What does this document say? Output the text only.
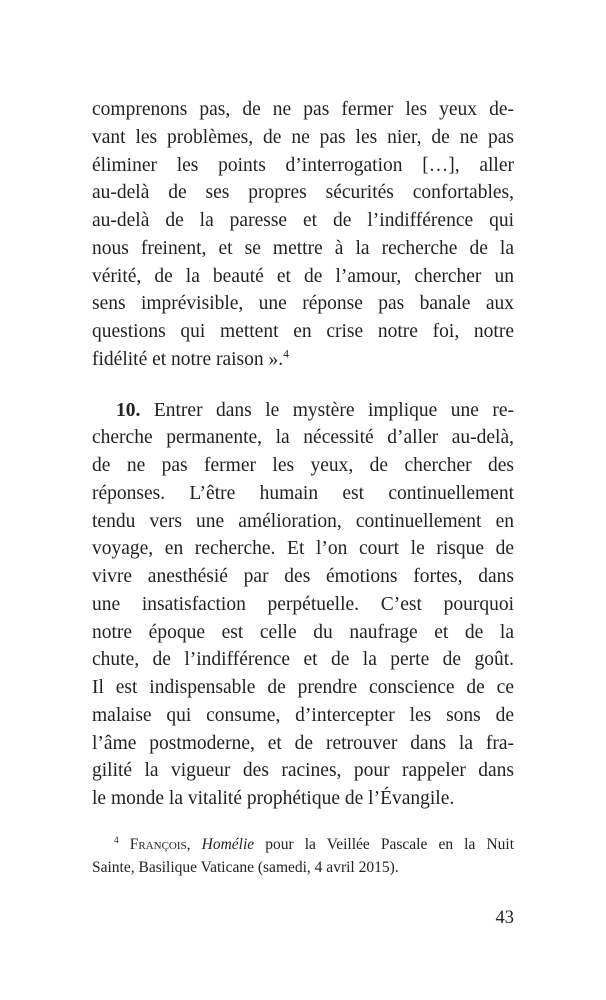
comprenons pas, de ne pas fermer les yeux de-
vant les problèmes, de ne pas les nier, de ne pas
éliminer les points d’interrogation […], aller
au-delà de ses propres sécurités confortables,
au-delà de la paresse et de l’indifférence qui
nous freinent, et se mettre à la recherche de la
vérité, de la beauté et de l’amour, chercher un
sens imprévisible, une réponse pas banale aux
questions qui mettent en crise notre foi, notre
fidélité et notre raison ».$^4$
10. Entrer dans le mystère implique une re-
cherche permanente, la nécessité d’aller au-delà,
de ne pas fermer les yeux, de chercher des
réponses. L’être humain est continuellement
tendu vers une amélioration, continuellement en
voyage, en recherche. Et l’on court le risque de
vivre anesthésié par des émotions fortes, dans
une insatisfaction perpétuelle. C’est pourquoi
notre époque est celle du naufrage et de la
chute, de l’indifférence et de la perte de goût.
Il est indispensable de prendre conscience de ce
malaise qui consume, d’intercepter les sons de
l’âme postmoderne, et de retrouver dans la fra-
gilité la vigueur des racines, pour rappeler dans
le monde la vitalité prophétique de l’Évangile.
$^4$ François, Homélie pour la Veillée Pascale en la Nuit
Sainte, Basilique Vaticane (samedi, 4 avril 2015).
43
